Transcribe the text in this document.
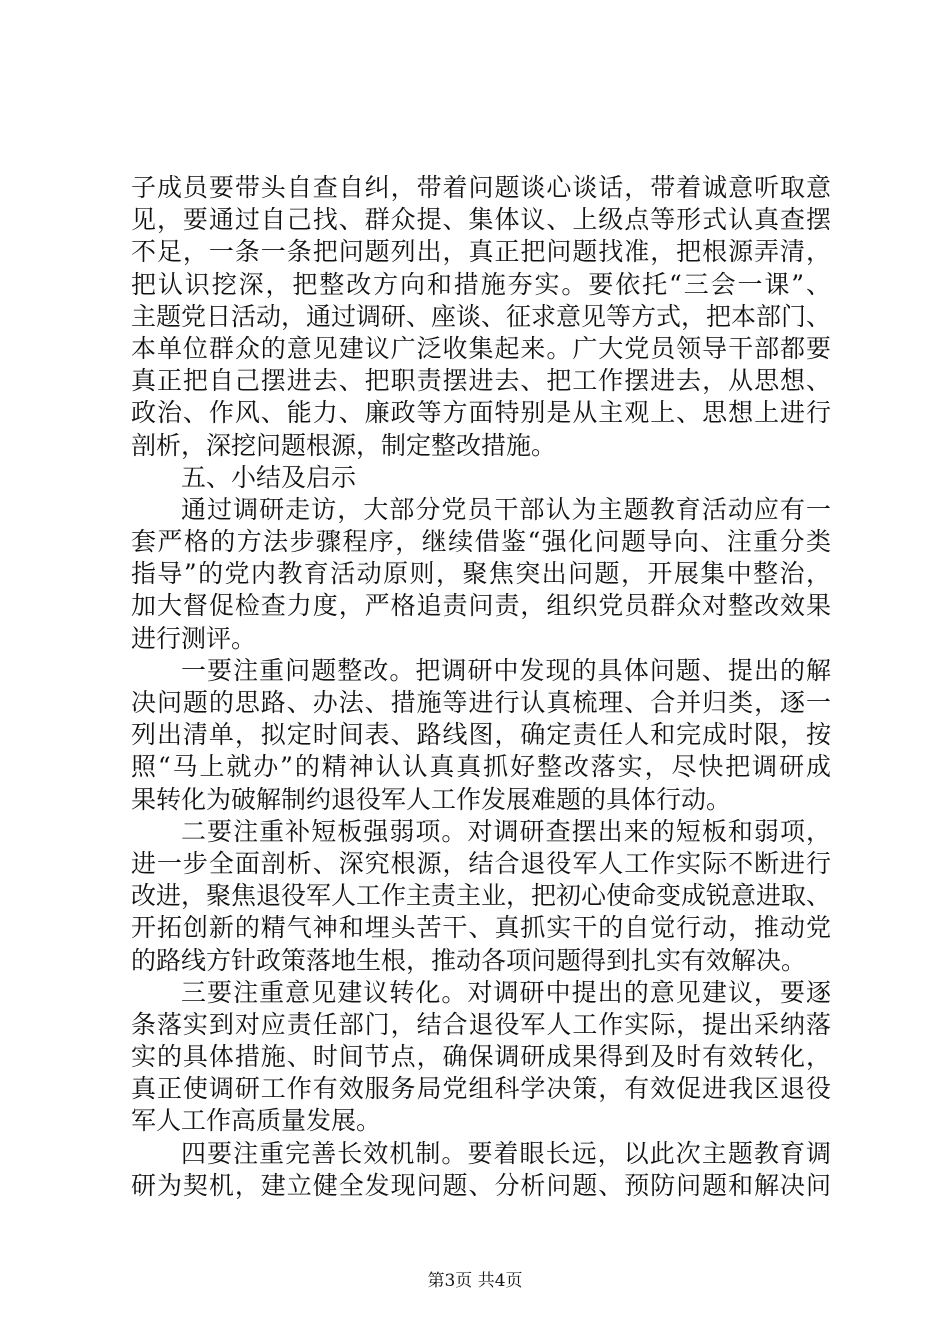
子成员要带头自查自纠，带着问题谈心谈话，带着诚意听取意
见，要通过自己找、群众提、集体议、上级点等形式认真查摆
不足，一条一条把问题列出，真正把问题找准，把根源弄清，
把认识挖深，把整改方向和措施夯实。要依托“三会一课”、
主题党日活动，通过调研、座谈、征求意见等方式，把本部门、
本单位群众的意见建议广泛收集起来。广大党员领导干部都要
真正把自己摆进去、把职责摆进去、把工作摆进去，从思想、
政治、作风、能力、廉政等方面特别是从主观上、思想上进行
剖析，深挖问题根源，制定整改措施。
五、小结及启示
通过调研走访，大部分党员干部认为主题教育活动应有一
套严格的方法步骤程序，继续借鉴“强化问题导向、注重分类
指导”的党内教育活动原则，聚焦突出问题，开展集中整治，
加大督促检查力度，严格追责问责，组织党员群众对整改效果
进行测评。
一要注重问题整改。把调研中发现的具体问题、提出的解
决问题的思路、办法、措施等进行认真梳理、合并归类，逐一
列出清单，拟定时间表、路线图，确定责任人和完成时限，按
照“马上就办”的精神认认真真抓好整改落实，尽快把调研成
果转化为破解制约退役军人工作发展难题的具体行动。
二要注重补短板强弱项。对调研查摆出来的短板和弱项，
进一步全面剖析、深究根源，结合退役军人工作实际不断进行
改进，聚焦退役军人工作主责主业，把初心使命变成锐意进取、
开拓创新的精气神和埋头苦干、真抓实干的自觉行动，推动党
的路线方针政策落地生根，推动各项问题得到扎实有效解决。
三要注重意见建议转化。对调研中提出的意见建议，要逐
条落实到对应责任部门，结合退役军人工作实际，提出采纳落
实的具体措施、时间节点，确保调研成果得到及时有效转化，
真正使调研工作有效服务局党组科学决策，有效促进我区退役
军人工作高质量发展。
四要注重完善长效机制。要着眼长远，以此次主题教育调
研为契机，建立健全发现问题、分析问题、预防问题和解决问
第3页 共4页
